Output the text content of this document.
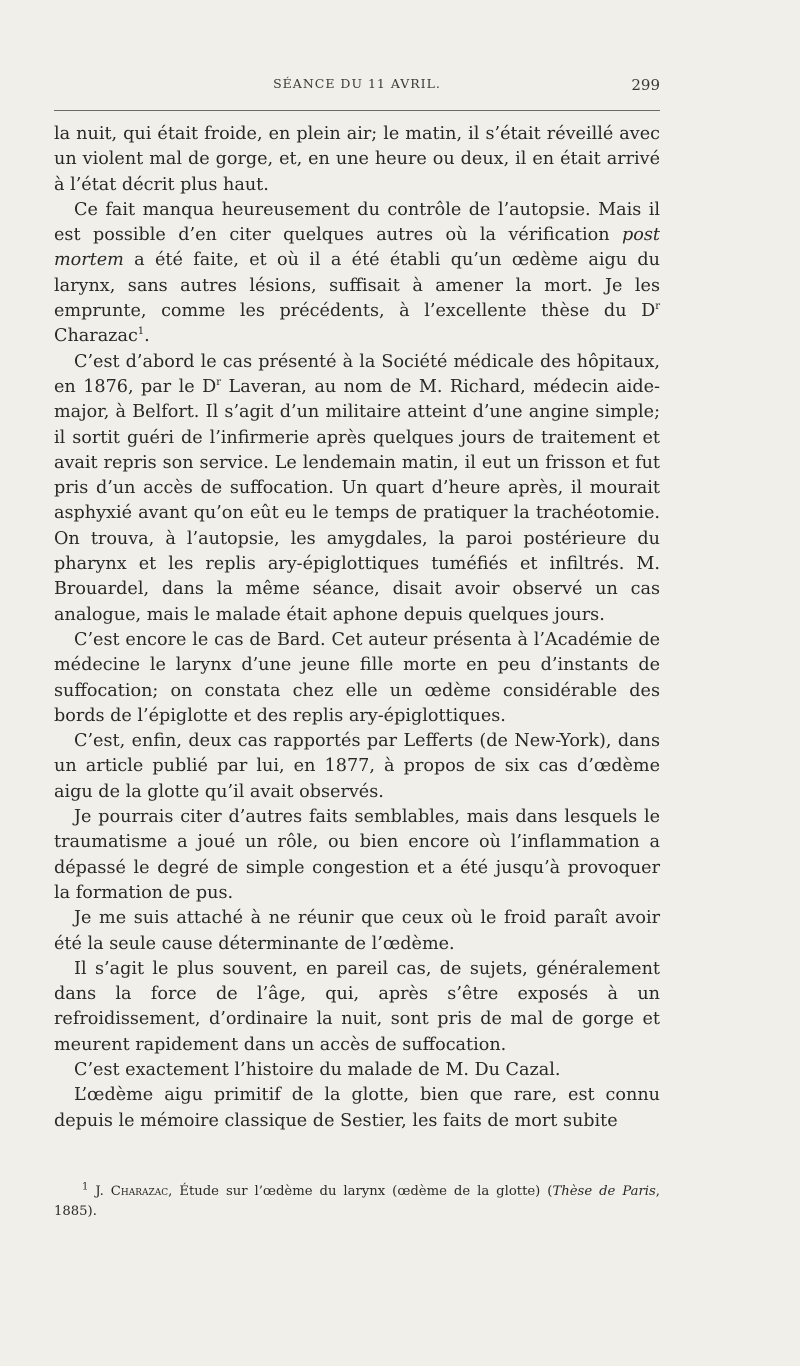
SÉANCE DU 11 AVRIL.	299

la nuit, qui était froide, en plein air; le matin, il s’était réveillé avec un violent mal de gorge, et, en une heure ou deux, il en était arrivé à l’état décrit plus haut.

Ce fait manqua heureusement du contrôle de l’autopsie. Mais il est possible d’en citer quelques autres où la vérification post mortem a été faite, et où il a été établi qu’un œdème aigu du larynx, sans autres lésions, suffisait à amener la mort. Je les emprunte, comme les précédents, à l’excellente thèse du $D^r$ Charazac$^1$.

C’est d’abord le cas présenté à la Société médicale des hôpitaux, en 1876, par le $D^r$ Laveran, au nom de M. Richard, médecin aide-major, à Belfort. Il s’agit d’un militaire atteint d’une angine simple; il sortit guéri de l’infirmerie après quelques jours de traitement et avait repris son service. Le lendemain matin, il eut un frisson et fut pris d’un accès de suffocation. Un quart d’heure après, il mourait asphyxié avant qu’on eût eu le temps de pratiquer la trachéotomie. On trouva, à l’autopsie, les amygdales, la paroi postérieure du pharynx et les replis ary-épiglottiques tuméfiés et infiltrés. M. Brouardel, dans la même séance, disait avoir observé un cas analogue, mais le malade était aphone depuis quelques jours.

C’est encore le cas de Bard. Cet auteur présenta à l’Académie de médecine le larynx d’une jeune fille morte en peu d’instants de suffocation; on constata chez elle un œdème considérable des bords de l’épiglotte et des replis ary-épiglottiques.

C’est, enfin, deux cas rapportés par Lefferts (de New-York), dans un article publié par lui, en 1877, à propos de six cas d’œdème aigu de la glotte qu’il avait observés.

Je pourrais citer d’autres faits semblables, mais dans lesquels le traumatisme a joué un rôle, ou bien encore où l’inflammation a dépassé le degré de simple congestion et a été jusqu’à provoquer la formation de pus.

Je me suis attaché à ne réunir que ceux où le froid paraît avoir été la seule cause déterminante de l’œdème.

Il s’agit le plus souvent, en pareil cas, de sujets, généralement dans la force de l’âge, qui, après s’être exposés à un refroidissement, d’ordinaire la nuit, sont pris de mal de gorge et meurent rapidement dans un accès de suffocation.

C’est exactement l’histoire du malade de M. Du Cazal.

L’œdème aigu primitif de la glotte, bien que rare, est connu depuis le mémoire classique de Sestier, les faits de mort subite

$^1$ J. Charazac, Étude sur l’œdème du larynx (œdème de la glotte) (Thèse de Paris, 1885).
